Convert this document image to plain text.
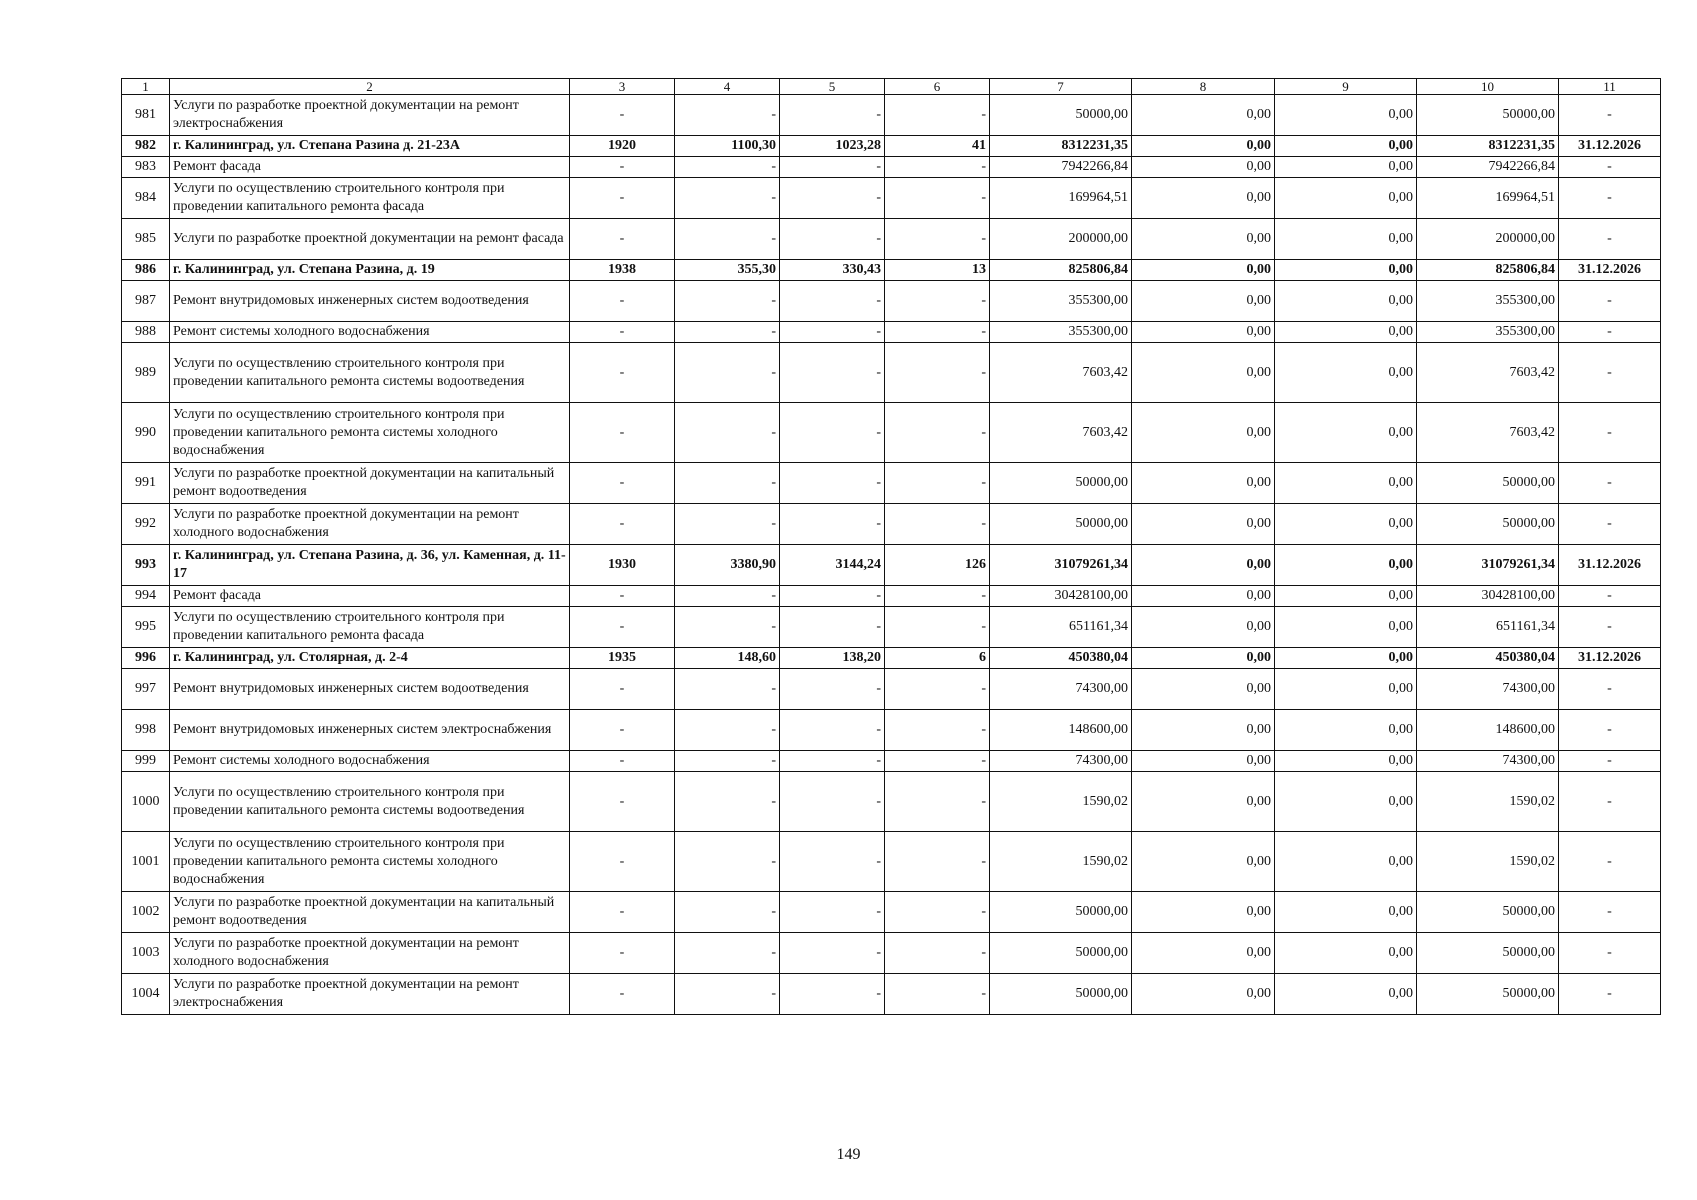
1	2	3	4	5	6	7	8	9	10	11
981	Услуги по разработке проектной документации на ремонт электроснабжения	-	-	-	-	50000,00	0,00	0,00	50000,00	-
982	г. Калининград, ул. Степана Разина д. 21-23А	1920	1100,30	1023,28	41	8312231,35	0,00	0,00	8312231,35	31.12.2026
983	Ремонт фасада	-	-	-	-	7942266,84	0,00	0,00	7942266,84	-
984	Услуги по осуществлению строительного контроля при проведении капитального ремонта фасада	-	-	-	-	169964,51	0,00	0,00	169964,51	-
985	Услуги по разработке проектной документации на ремонт фасада	-	-	-	-	200000,00	0,00	0,00	200000,00	-
986	г. Калининград, ул. Степана Разина, д. 19	1938	355,30	330,43	13	825806,84	0,00	0,00	825806,84	31.12.2026
987	Ремонт внутридомовых инженерных систем водоотведения	-	-	-	-	355300,00	0,00	0,00	355300,00	-
988	Ремонт системы холодного водоснабжения	-	-	-	-	355300,00	0,00	0,00	355300,00	-
989	Услуги по осуществлению строительного контроля при проведении капитального ремонта системы водоотведения	-	-	-	-	7603,42	0,00	0,00	7603,42	-
990	Услуги по осуществлению строительного контроля при проведении капитального ремонта системы холодного водоснабжения	-	-	-	-	7603,42	0,00	0,00	7603,42	-
991	Услуги по разработке проектной документации на капитальный ремонт водоотведения	-	-	-	-	50000,00	0,00	0,00	50000,00	-
992	Услуги по разработке проектной документации на ремонт холодного водоснабжения	-	-	-	-	50000,00	0,00	0,00	50000,00	-
993	г. Калининград, ул. Степана Разина, д. 36, ул. Каменная, д. 11-17	1930	3380,90	3144,24	126	31079261,34	0,00	0,00	31079261,34	31.12.2026
994	Ремонт фасада	-	-	-	-	30428100,00	0,00	0,00	30428100,00	-
995	Услуги по осуществлению строительного контроля при проведении капитального ремонта фасада	-	-	-	-	651161,34	0,00	0,00	651161,34	-
996	г. Калининград, ул. Столярная, д. 2-4	1935	148,60	138,20	6	450380,04	0,00	0,00	450380,04	31.12.2026
997	Ремонт внутридомовых инженерных систем водоотведения	-	-	-	-	74300,00	0,00	0,00	74300,00	-
998	Ремонт внутридомовых инженерных систем электроснабжения	-	-	-	-	148600,00	0,00	0,00	148600,00	-
999	Ремонт системы холодного водоснабжения	-	-	-	-	74300,00	0,00	0,00	74300,00	-
1000	Услуги по осуществлению строительного контроля при проведении капитального ремонта системы водоотведения	-	-	-	-	1590,02	0,00	0,00	1590,02	-
1001	Услуги по осуществлению строительного контроля при проведении капитального ремонта системы холодного водоснабжения	-	-	-	-	1590,02	0,00	0,00	1590,02	-
1002	Услуги по разработке проектной документации на капитальный ремонт водоотведения	-	-	-	-	50000,00	0,00	0,00	50000,00	-
1003	Услуги по разработке проектной документации на ремонт холодного водоснабжения	-	-	-	-	50000,00	0,00	0,00	50000,00	-
1004	Услуги по разработке проектной документации на ремонт электроснабжения	-	-	-	-	50000,00	0,00	0,00	50000,00	-
149
